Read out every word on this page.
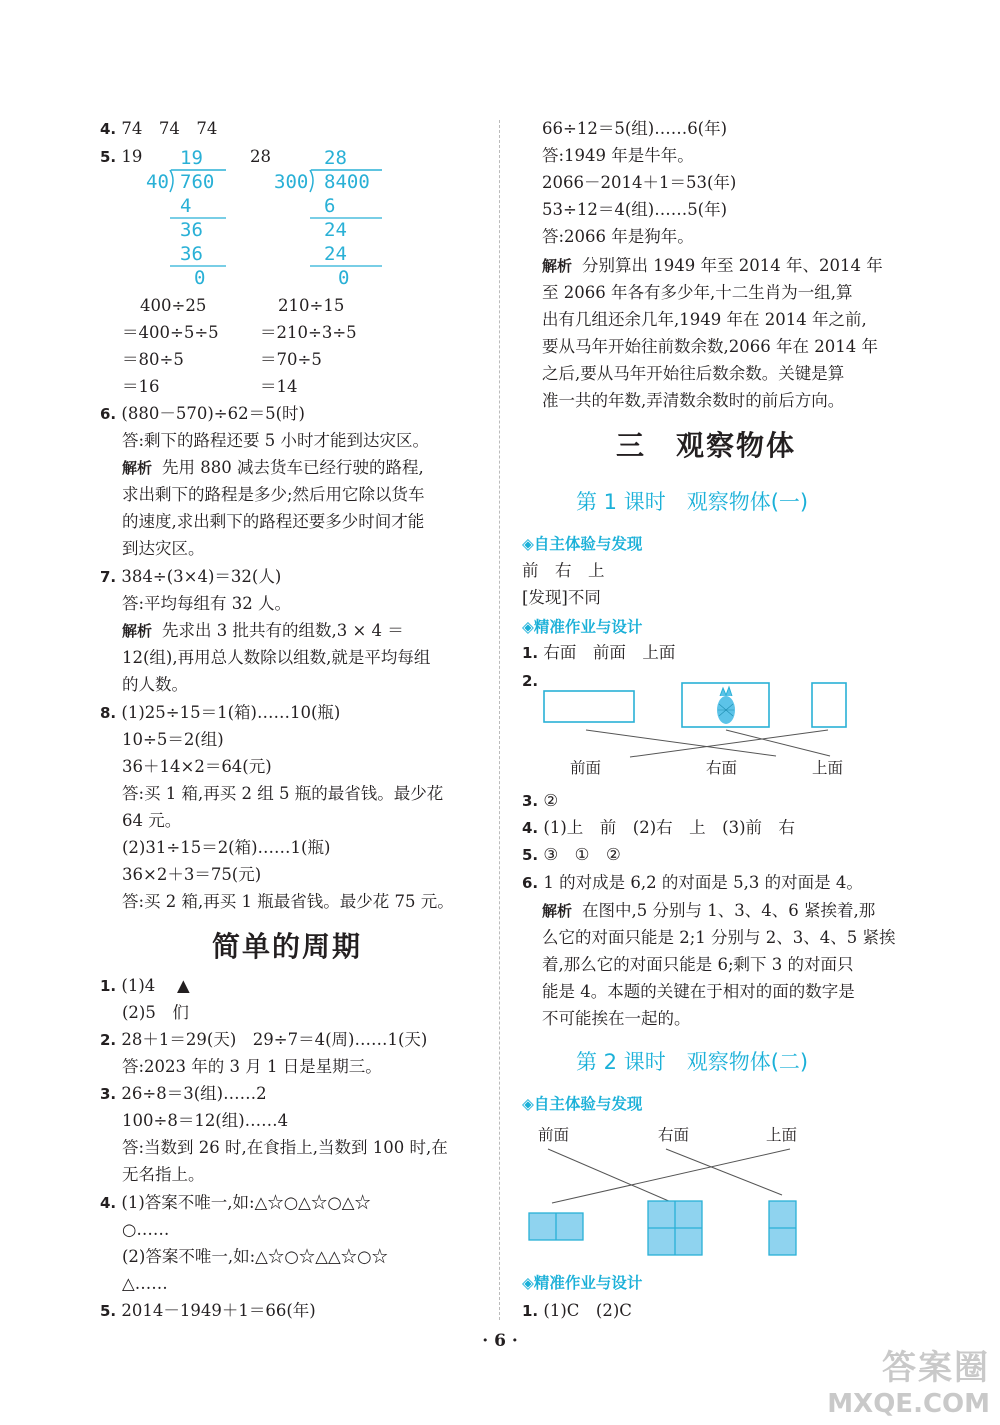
4. 74　74　74
5. 19	28
19
40 760
4
36
36
0
28
300 8400
6
24
24
0
400÷25	210÷15
＝400÷5÷5	＝210÷3÷5
＝80÷5	＝70÷5
＝16	＝14
6. (880－570)÷62＝5(时)
答:剩下的路程还要 5 小时才能到达灾区。
解析 先用 880 减去货车已经行驶的路程,
求出剩下的路程是多少;然后用它除以货车
的速度,求出剩下的路程还要多少时间才能
到达灾区。
7. 384÷(3×4)＝32(人)
答:平均每组有 32 人。
解析 先求出 3 批共有的组数,3 × 4 ＝
12(组),再用总人数除以组数,就是平均每组
的人数。
8. (1)25÷15＝1(箱)……10(瓶)
10÷5＝2(组)
36＋14×2＝64(元)
答:买 1 箱,再买 2 组 5 瓶的最省钱。最少花
64 元。
(2)31÷15＝2(箱)……1(瓶)
36×2＋3＝75(元)
答:买 2 箱,再买 1 瓶最省钱。最少花 75 元。
简单的周期
1. (1)4　 ▲
(2)5　们
2. 28＋1＝29(天)　29÷7＝4(周)……1(天)
答:2023 年的 3 月 1 日是星期三。
3. 26÷8＝3(组)……2
100÷8＝12(组)……4
答:当数到 26 时,在食指上,当数到 100 时,在
无名指上。
4. (1)答案不唯一,如:△☆○△☆○△☆
○……
(2)答案不唯一,如:△☆○☆△△☆○☆
△……
5. 2014－1949＋1＝66(年)
66÷12＝5(组)……6(年)
答:1949 年是牛年。
2066－2014＋1＝53(年)
53÷12＝4(组)……5(年)
答:2066 年是狗年。
解析 分别算出 1949 年至 2014 年、2014 年
至 2066 年各有多少年,十二生肖为一组,算
出有几组还余几年,1949 年在 2014 年之前,
要从马年开始往前数余数,2066 年在 2014 年
之后,要从马年开始往后数余数。关键是算
准一共的年数,弄清数余数时的前后方向。
三　观察物体
第 1 课时　观察物体(一)
◈自主体验与发现
前　右　上
[发现]不同
◈精准作业与设计
1. 右面　前面　上面
2.
前面	右面	上面
3. ②
4. (1)上　前　(2)右　上　(3)前　右
5. ③　①　②
6. 1 的对成是 6,2 的对面是 5,3 的对面是 4。
解析 在图中,5 分别与 1、3、4、6 紧挨着,那
么它的对面只能是 2;1 分别与 2、3、4、5 紧挨
着,那么它的对面只能是 6;剩下 3 的对面只
能是 4。本题的关键在于相对的面的数字是
不可能挨在一起的。
第 2 课时　观察物体(二)
◈自主体验与发现
前面	右面	上面
◈精准作业与设计
1. (1)C　(2)C
· 6 ·
答案圈
MXQE.COM
